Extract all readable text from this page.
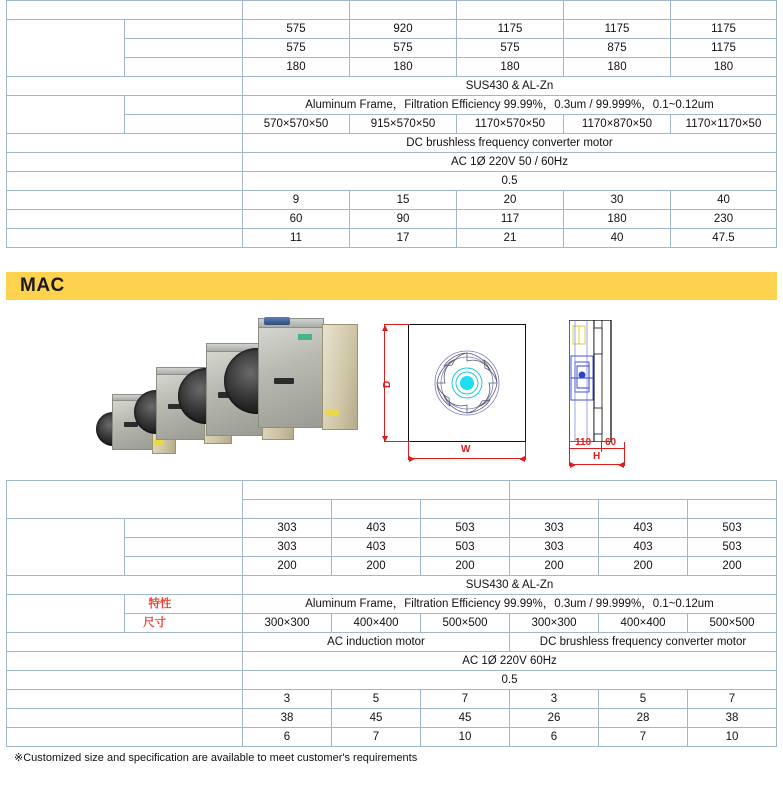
Item		MS-SD220S	MS-SD320S	MS-SD420S	MS-SD430S	MS-SD440S
Outside
Dimension	W	575	920	1175	1175	1175
	D	575	575	575	875	1175
	H	180	180	180	180	180
Body Construction		SUS430 & AL-Zn				
HEPA
ULPA	Features	Aluminum Frame，Filtration Efficiency 99.99%，0.3um / 99.999%，0.1~0.12um				
	Dimension	570×570×50	915×570×50	1170×570×50	1170×870×50	1170×1170×50
Fan motor		DC brushless frequency converter motor				
Power Supply		AC 1Ø 220V 50 / 60Hz				
Air Velocity (m/s)		0.5				
Air Volume (CMM)		9	15	20	30	40
Power consumption(W)		60	90	117	180	230
Total Weight (Kg)		11	17	21	40	47.5
MAC
D
W
110 60
H
Item		AC type			DC type		
		MAC-S3	MAC-S5	MAC-S7	MAC-SD3	MAC-SD5	MAC-SD7
Outside
Dimension	W	303	403	503	303	403	503
	D	303	403	503	303	403	503
	H	200	200	200	200	200	200
Body Construction		SUS430 & AL-Zn					
HEPA
ULPA	特性Features	Aluminum Frame，Filtration Efficiency 99.99%，0.3um / 99.999%，0.1~0.12um					
	尺寸Dimension	300×300	400×400	500×500	300×300	400×400	500×500
Fan motor		AC induction motor			DC brushless frequency converter motor		
Power Supply		AC 1Ø 220V 60Hz					
Velocity (m/s)		0.5					
Air Volume (CMM)		3	5	7	3	5	7
Power consumption(W)		38	45	45	26	28	38
Total Weight (Kg)		6	7	10	6	7	10
※Customized size and specification are available to meet customer's requirements
